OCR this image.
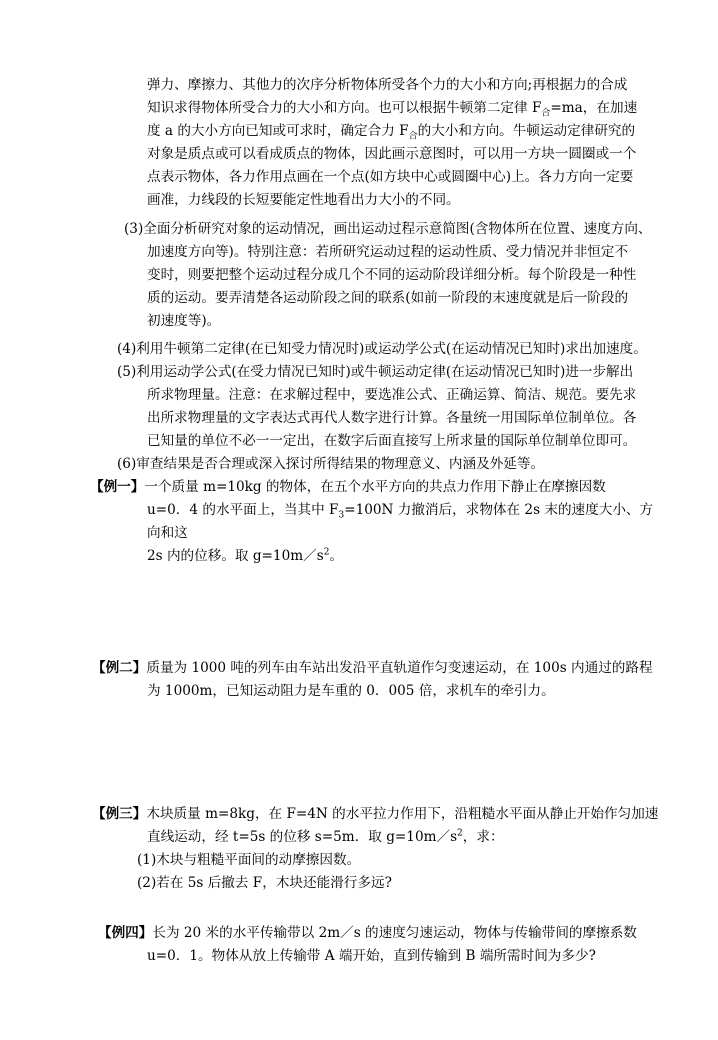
弹力、摩擦力、其他力的次序分析物体所受各个力的大小和方向;再根据力的合成
知识求得物体所受合力的大小和方向。也可以根据牛顿第二定律 $F_合=ma$，在加速
度 a 的大小方向已知或可求时，确定合力 $F_合$的大小和方向。牛顿运动定律研究的
对象是质点或可以看成质点的物体，因此画示意图时，可以用一方块一圆圈或一个
点表示物体，各力作用点画在一个点(如方块中心或圆圈中心)上。各力方向一定要
画准，力线段的长短要能定性地看出力大小的不同。
(3)全面分析研究对象的运动情况，画出运动过程示意简图(含物体所在位置、速度方向、
加速度方向等)。特别注意：若所研究运动过程的运动性质、受力情况并非恒定不
变时，则要把整个运动过程分成几个不同的运动阶段详细分析。每个阶段是一种性
质的运动。要弄清楚各运动阶段之间的联系(如前一阶段的末速度就是后一阶段的
初速度等)。
(4)利用牛顿第二定律(在已知受力情况时)或运动学公式(在运动情况已知时)求出加速度。
(5)利用运动学公式(在受力情况已知时)或牛顿运动定律(在运动情况已知时)进一步解出
所求物理量。注意：在求解过程中，要选准公式、正确运算、简洁、规范。要先求
出所求物理量的文字表达式再代人数字进行计算。各量统一用国际单位制单位。各
已知量的单位不必一一定出，在数字后面直接写上所求量的国际单位制单位即可。
(6)审查结果是否合理或深入探讨所得结果的物理意义、内涵及外延等。
【例一】一个质量 m=10kg 的物体，在五个水平方向的共点力作用下静止在摩擦因数
u=0．4 的水平面上，当其中 $F_3=100N$ 力撤消后，求物体在 2s 末的速度大小、方
向和这
2s 内的位移。取 $g=10m/s^2$。
【例二】质量为 1000 吨的列车由车站出发沿平直轨道作匀变速运动，在 100s 内通过的路程
为 1000m，已知运动阻力是车重的 0．005 倍，求机车的牵引力。
【例三】木块质量 m=8kg，在 F=4N 的水平拉力作用下，沿粗糙水平面从静止开始作匀加速
直线运动，经 t=5s 的位移 s=5m．取 $g=10m/s^2$，求：
(1)木块与粗糙平面间的动摩擦因数。
(2)若在 5s 后撤去 F，木块还能滑行多远?
【例四】长为 20 米的水平传输带以 2m／s 的速度匀速运动，物体与传输带间的摩擦系数
u=0．1。物体从放上传输带 A 端开始，直到传输到 B 端所需时间为多少?
